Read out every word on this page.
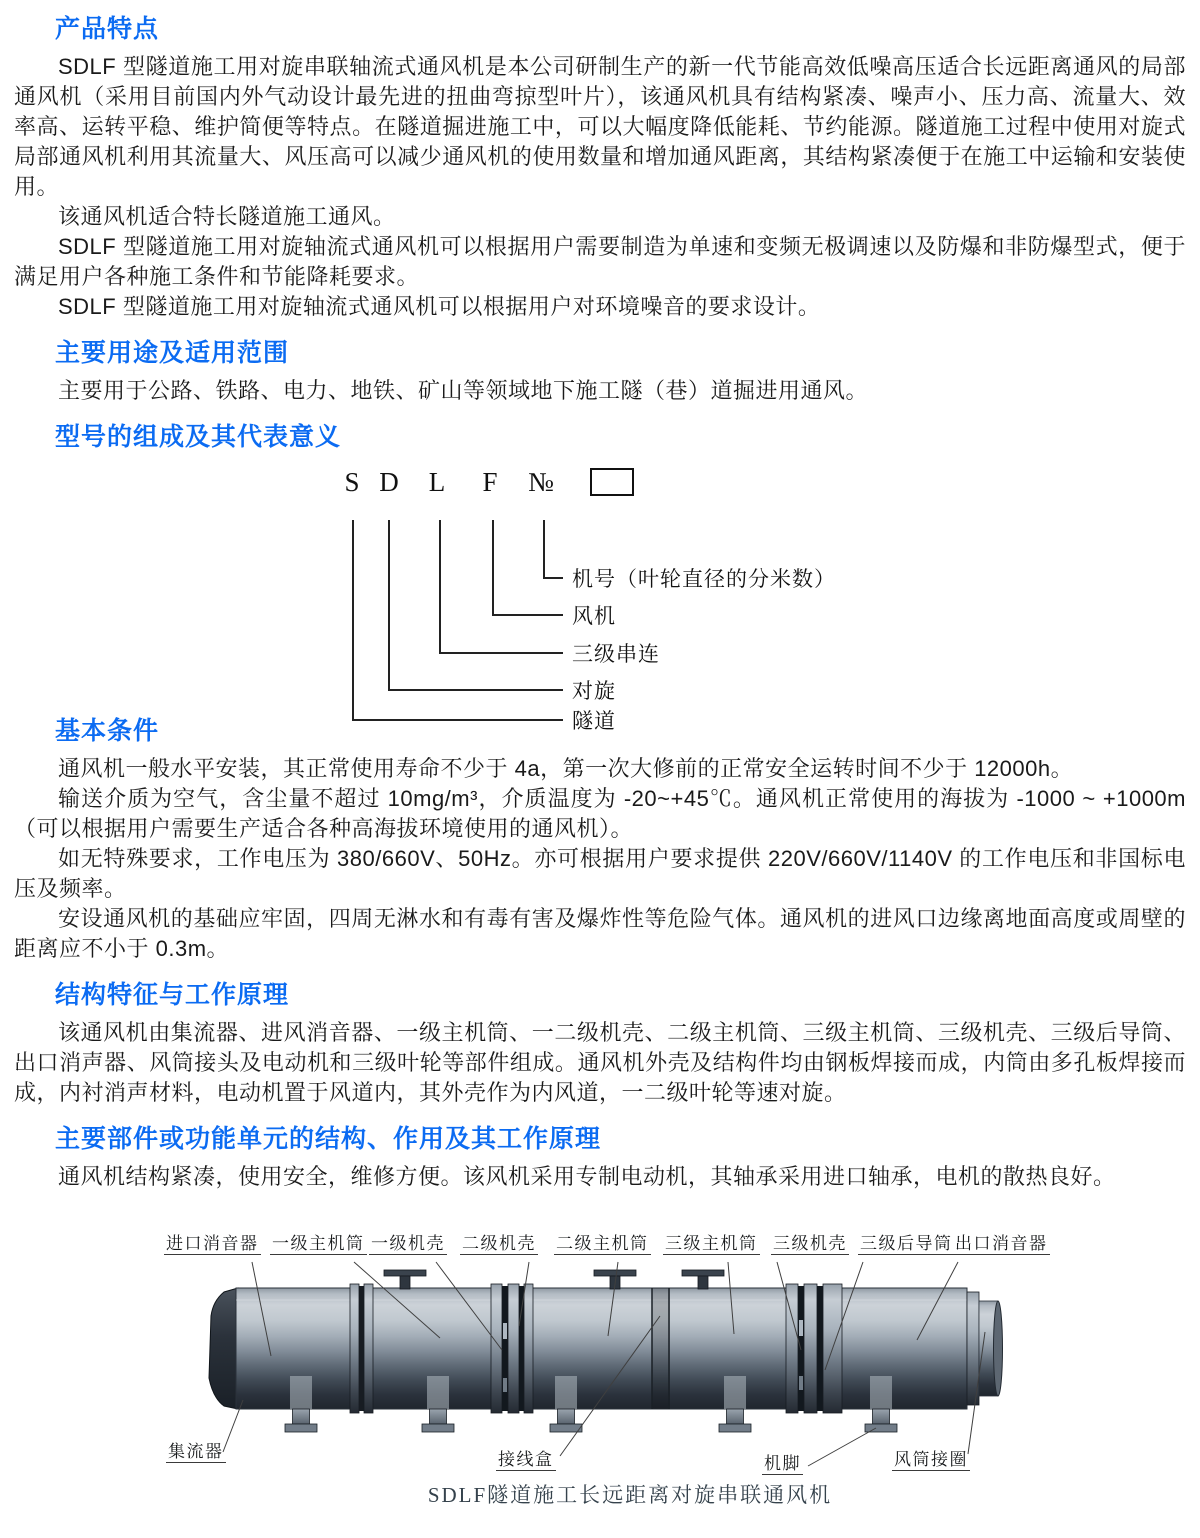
产品特点

SDLF 型隧道施工用对旋串联轴流式通风机是本公司研制生产的新一代节能高效低噪高压适合长远距离通风的局部通风机（采用目前国内外气动设计最先进的扭曲弯掠型叶片），该通风机具有结构紧凑、噪声小、压力高、流量大、效率高、运转平稳、维护简便等特点。在隧道掘进施工中，可以大幅度降低能耗、节约能源。隧道施工过程中使用对旋式局部通风机利用其流量大、风压高可以减少通风机的使用数量和增加通风距离，其结构紧凑便于在施工中运输和安装使用。

该通风机适合特长隧道施工通风。

SDLF 型隧道施工用对旋轴流式通风机可以根据用户需要制造为单速和变频无极调速以及防爆和非防爆型式，便于满足用户各种施工条件和节能降耗要求。

SDLF 型隧道施工用对旋轴流式通风机可以根据用户对环境噪音的要求设计。

主要用途及适用范围

主要用于公路、铁路、电力、地铁、矿山等领域地下施工隧（巷）道掘进用通风。

型号的组成及其代表意义
S D	L	F	№
机号（叶轮直径的分米数）
风机
三级串连
对旋
隧道
基本条件

通风机一般水平安装，其正常使用寿命不少于 4a，第一次大修前的正常安全运转时间不少于 12000h。

输送介质为空气，含尘量不超过 10mg/m³，介质温度为 -20~+45℃。通风机正常使用的海拔为 -1000 ~ +1000m（可以根据用户需要生产适合各种高海拔环境使用的通风机）。

如无特殊要求，工作电压为 380/660V、50Hz。亦可根据用户要求提供 220V/660V/1140V 的工作电压和非国标电压及频率。

安设通风机的基础应牢固，四周无淋水和有毒有害及爆炸性等危险气体。通风机的进风口边缘离地面高度或周壁的距离应不小于 0.3m。

结构特征与工作原理

该通风机由集流器、进风消音器、一级主机筒、一二级机壳、二级主机筒、三级主机筒、三级机壳、三级后导筒、出口消声器、风筒接头及电动机和三级叶轮等部件组成。通风机外壳及结构件均由钢板焊接而成，内筒由多孔板焊接而成，内衬消声材料，电动机置于风道内，其外壳作为内风道，一二级叶轮等速对旋。

主要部件或功能单元的结构、作用及其工作原理

通风机结构紧凑，使用安全，维修方便。该风机采用专制电动机，其轴承采用进口轴承，电机的散热良好。

进口消音器 一级主机筒 一级机壳 二级机壳 二级主机筒 三级主机筒 三级机壳 三级后导筒 出口消音器
集流器	接线盒	机脚	风筒接圈
SDLF隧道施工长远距离对旋串联通风机
